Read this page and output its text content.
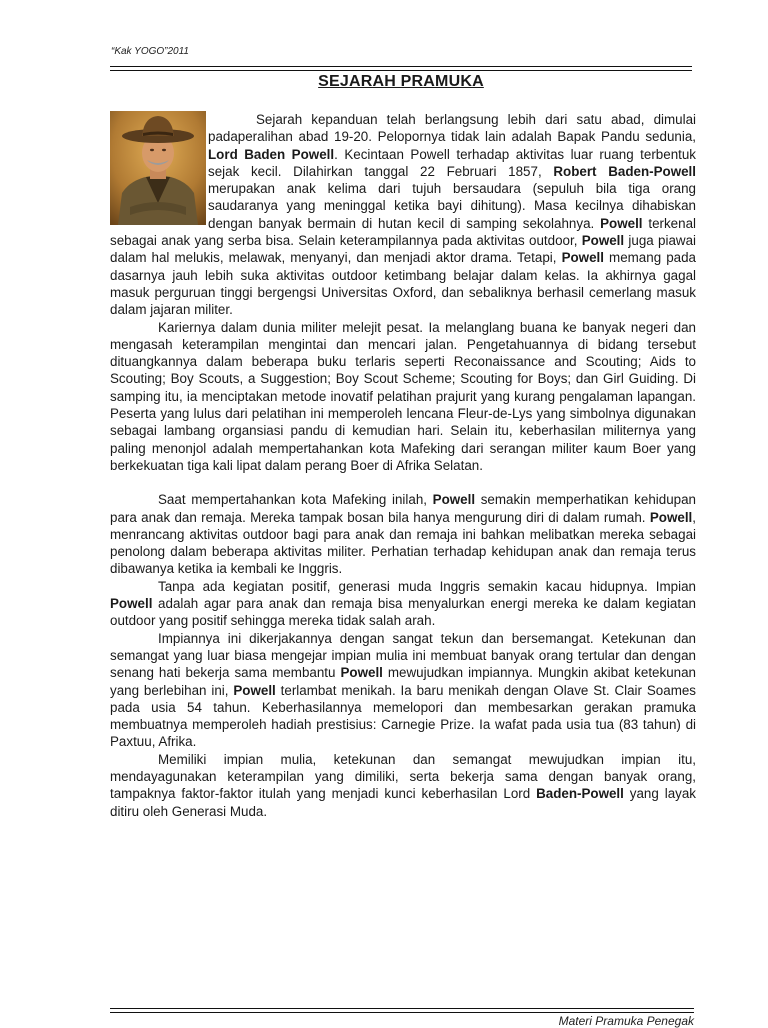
“Kak YOGO”2011
SEJARAH PRAMUKA

Sejarah kepanduan telah berlangsung lebih dari satu abad, dimulai padaperalihan abad 19-20. Pelopornya tidak lain adalah Bapak Pandu sedunia, Lord Baden Powell. Kecintaan Powell terhadap aktivitas luar ruang terbentuk sejak kecil. Dilahirkan tanggal 22 Februari 1857, Robert Baden-Powell merupakan anak kelima dari tujuh bersaudara (sepuluh bila tiga orang saudaranya yang meninggal ketika bayi dihitung). Masa kecilnya dihabiskan dengan banyak bermain di hutan kecil di samping sekolahnya. Powell terkenal sebagai anak yang serba bisa. Selain keterampilannya pada aktivitas outdoor, Powell juga piawai dalam hal melukis, melawak, menyanyi, dan menjadi aktor drama. Tetapi, Powell memang pada dasarnya jauh lebih suka aktivitas outdoor ketimbang belajar dalam kelas. Ia akhirnya gagal masuk perguruan tinggi bergengsi Universitas Oxford, dan sebaliknya berhasil cemerlang masuk dalam jajaran militer.

Kariernya dalam dunia militer melejit pesat. Ia melanglang buana ke banyak negeri dan mengasah keterampilan mengintai dan mencari jalan. Pengetahuannya di bidang tersebut dituangkannya dalam beberapa buku terlaris seperti Reconaissance and Scouting; Aids to Scouting; Boy Scouts, a Suggestion; Boy Scout Scheme; Scouting for Boys; dan Girl Guiding. Di samping itu, ia menciptakan metode inovatif pelatihan prajurit yang kurang pengalaman lapangan. Peserta yang lulus dari pelatihan ini memperoleh lencana Fleur-de-Lys yang simbolnya digunakan sebagai lambang organsiasi pandu di kemudian hari. Selain itu, keberhasilan militernya yang paling menonjol adalah mempertahankan kota Mafeking dari serangan militer kaum Boer yang berkekuatan tiga kali lipat dalam perang Boer di Afrika Selatan.

Saat mempertahankan kota Mafeking inilah, Powell semakin memperhatikan kehidupan para anak dan remaja. Mereka tampak bosan bila hanya mengurung diri di dalam rumah. Powell, menrancang aktivitas outdoor bagi para anak dan remaja ini bahkan melibatkan mereka sebagai penolong dalam beberapa aktivitas militer. Perhatian terhadap kehidupan anak dan remaja terus dibawanya ketika ia kembali ke Inggris.

Tanpa ada kegiatan positif, generasi muda Inggris semakin kacau hidupnya. Impian Powell adalah agar para anak dan remaja bisa menyalurkan energi mereka ke dalam kegiatan outdoor yang positif sehingga mereka tidak salah arah.

Impiannya ini dikerjakannya dengan sangat tekun dan bersemangat. Ketekunan dan semangat yang luar biasa mengejar impian mulia ini membuat banyak orang tertular dan dengan senang hati bekerja sama membantu Powell mewujudkan impiannya. Mungkin akibat ketekunan yang berlebihan ini, Powell terlambat menikah. Ia baru menikah dengan Olave St. Clair Soames pada usia 54 tahun. Keberhasilannya memelopori dan membesarkan gerakan pramuka membuatnya memperoleh hadiah prestisius: Carnegie Prize. Ia wafat pada usia tua (83 tahun) di Paxtuu, Afrika.

Memiliki impian mulia, ketekunan dan semangat mewujudkan impian itu, mendayagunakan keterampilan yang dimiliki, serta bekerja sama dengan banyak orang, tampaknya faktor-faktor itulah yang menjadi kunci keberhasilan Lord Baden-Powell yang layak ditiru oleh Generasi Muda.

Materi Pramuka Penegak
